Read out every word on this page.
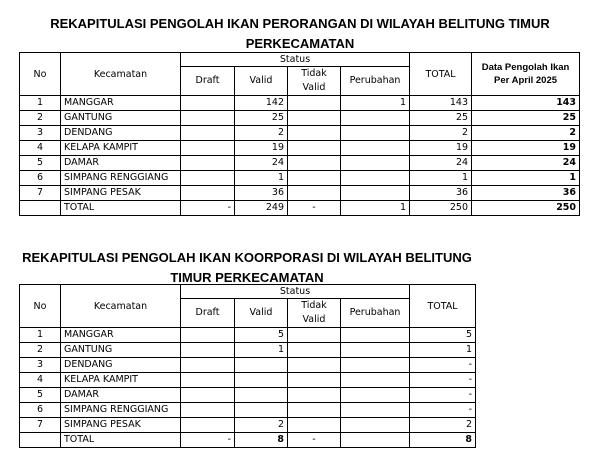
REKAPITULASI PENGOLAH IKAN PERORANGAN DI WILAYAH BELITUNG TIMUR
PERKECAMATAN
No	Kecamatan	Status				TOTAL	Data Pengolah Ikan Per April 2025
		Draft	Valid	Tidak Valid	Perubahan		
1	MANGGAR		142		1	143	143
2	GANTUNG		25			25	25
3	DENDANG		2			2	2
4	KELAPA KAMPIT		19			19	19
5	DAMAR		24			24	24
6	SIMPANG RENGGIANG		1			1	1
7	SIMPANG PESAK		36			36	36
	TOTAL	-	249	-	1	250	250
REKAPITULASI PENGOLAH IKAN KOORPORASI DI WILAYAH BELITUNG
TIMUR PERKECAMATAN
No	Kecamatan	Status				TOTAL
		Draft	Valid	Tidak Valid	Perubahan	
1	MANGGAR		5			5
2	GANTUNG		1			1
3	DENDANG					-
4	KELAPA KAMPIT					-
5	DAMAR					-
6	SIMPANG RENGGIANG					-
7	SIMPANG PESAK		2			2
	TOTAL	-	8	-		8
